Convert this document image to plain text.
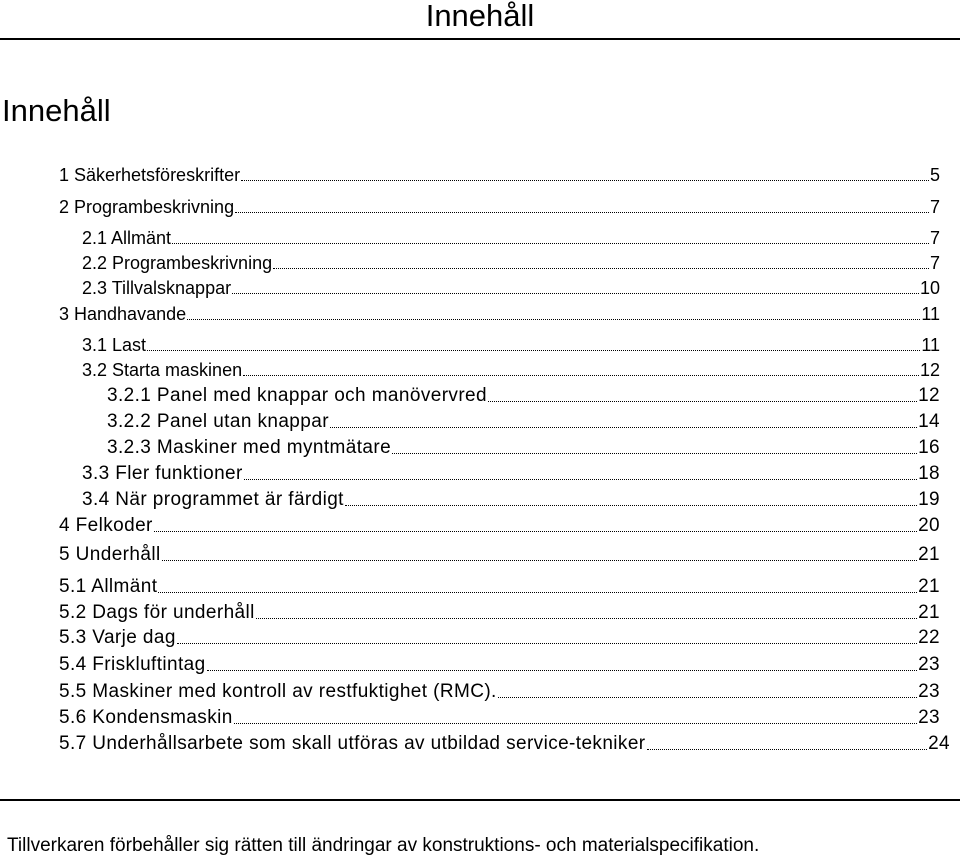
Innehåll
Innehåll
1 Säkerhetsföreskrifter	5
2 Programbeskrivning	7
2.1 Allmänt	7
2.2 Programbeskrivning	7
2.3 Tillvalsknappar	10
3 Handhavande	11
3.1 Last	11
3.2 Starta maskinen	12
3.2.1 Panel med knappar och manövervred	12
3.2.2 Panel utan knappar	14
3.2.3 Maskiner med myntmätare	16
3.3 Fler funktioner	18
3.4 När programmet är färdigt	19
4 Felkoder	20
5 Underhåll	21
5.1 Allmänt	21
5.2 Dags för underhåll	21
5.3 Varje dag	22
5.4 Friskluftintag	23
5.5 Maskiner med kontroll av restfuktighet (RMC).	23
5.6 Kondensmaskin	23
5.7 Underhållsarbete som skall utföras av utbildad service-tekniker	24
Tillverkaren förbehåller sig rätten till ändringar av konstruktions- och materialspecifikation.
